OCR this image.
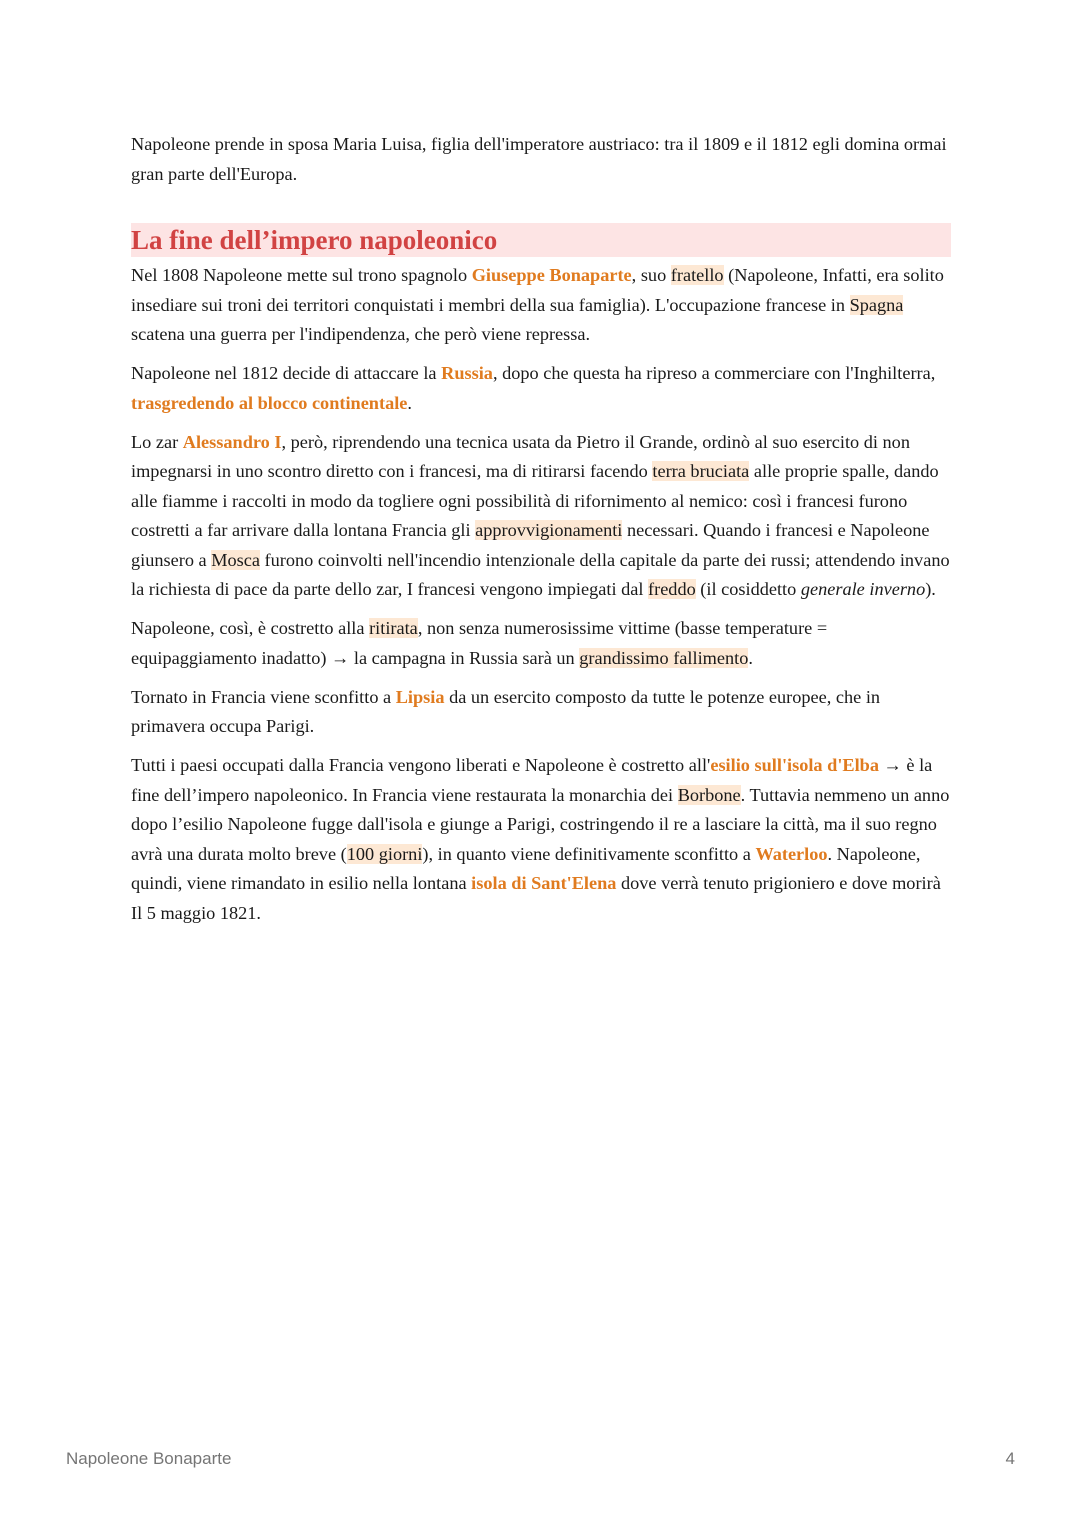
Napoleone prende in sposa Maria Luisa, figlia dell'imperatore austriaco: tra il 1809 e il 1812 egli domina ormai gran parte dell'Europa.

La fine dell’impero napoleonico

Nel 1808 Napoleone mette sul trono spagnolo Giuseppe Bonaparte, suo fratello (Napoleone, Infatti, era solito insediare sui troni dei territori conquistati i membri della sua famiglia). L'occupazione francese in Spagna scatena una guerra per l'indipendenza, che però viene repressa.

Napoleone nel 1812 decide di attaccare la Russia, dopo che questa ha ripreso a commerciare con l'Inghilterra, trasgredendo al blocco continentale.

Lo zar Alessandro I, però, riprendendo una tecnica usata da Pietro il Grande, ordinò al suo esercito di non impegnarsi in uno scontro diretto con i francesi, ma di ritirarsi facendo terra bruciata alle proprie spalle, dando alle fiamme i raccolti in modo da togliere ogni possibilità di rifornimento al nemico: così i francesi furono costretti a far arrivare dalla lontana Francia gli approvvigionamenti necessari. Quando i francesi e Napoleone giunsero a Mosca furono coinvolti nell'incendio intenzionale della capitale da parte dei russi; attendendo invano la richiesta di pace da parte dello zar, I francesi vengono impiegati dal freddo (il cosiddetto generale inverno).

Napoleone, così, è costretto alla ritirata, non senza numerosissime vittime (basse temperature = equipaggiamento inadatto) → la campagna in Russia sarà un grandissimo fallimento.

Tornato in Francia viene sconfitto a Lipsia da un esercito composto da tutte le potenze europee, che in primavera occupa Parigi.

Tutti i paesi occupati dalla Francia vengono liberati e Napoleone è costretto all'esilio sull'isola d'Elba → è la fine dell’impero napoleonico. In Francia viene restaurata la monarchia dei Borbone. Tuttavia nemmeno un anno dopo l’esilio Napoleone fugge dall'isola e giunge a Parigi, costringendo il re a lasciare la città, ma il suo regno avrà una durata molto breve (100 giorni), in quanto viene definitivamente sconfitto a Waterloo. Napoleone, quindi, viene rimandato in esilio nella lontana isola di Sant'Elena dove verrà tenuto prigioniero e dove morirà Il 5 maggio 1821.

Napoleone Bonaparte	4
